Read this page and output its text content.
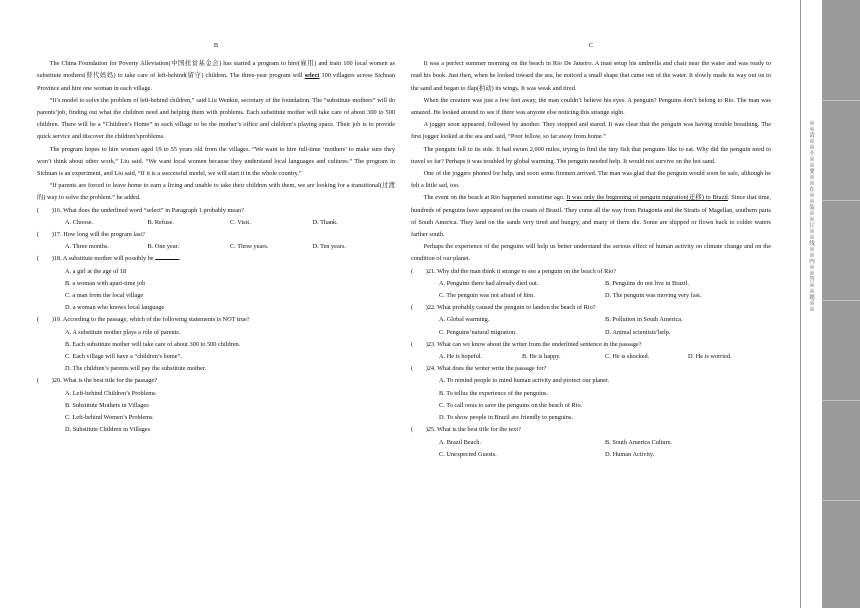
B

The China Foundation for Poverty Alleviation(中国扶贫基金会) has started a program to hire(雇用) and train 100 local women as substitute mothers(替代妈妈) to take care of left-behind(留守) children. The three-year program will select 100 villagers across Sichuan Province and hire one woman in each village.

“It’s model to solve the problem of left-behind children,” said Liu Wenkui, secretary of the foundation. The “substitute mothers” will do parents’job, finding out what the children need and helping them with problems. Each substitute mother will take care of about 300 to 500 children. There will be a “Children’s Home” in each village to be the mother’s office and children’s playing space. Their job is to provide quick service and discover the children’sproblems.

The program hopes to hire women aged 19 to 55 years old from the villages. “We want to hire full-time ‘mothers’ to make sure they won’t think about other work,” Liu said. “We want local women because they understand local languages and cultures.” The program in Sichuan is an experiment, and Liu said, “If it is a successful model, we will start it in the whole country.”

“If parents are forced to leave home to earn a living and unable to take their children with them, we are looking for a transitional(过渡的) way to solve the problem.” he added.

(　　)16. What does the underlined word “select” in Paragraph 1 probably mean?

A. Choose.	B. Refuse.	C. Visit.	D. Thank.

(　　)17. How long will the program last?

A. Three months.	B. One year.	C. Three years.	D. Ten years.

(　　)18. A substitute mother will possibly be	.

A. a girl at the age of 18

B. a woman with apart-time job

C. a man from the local village

D. a woman who knows local language

(　　)19. According to the passage, which of the following statements is NOT true?

A. A substitute mother plays a role of parents.

B. Each substitute mother will take care of about 300 to 500 children.

C. Each village will have a “children’s home”.

D. The children’s parents will pay the substitute mother.

(　　)20. What is the best title for the passage?

A. Left-behind Children’s Problems

B. Substitute Mothers in Villages

C. Left-behind Women’s Problems

D. Substitute Children in Villages

C

It was a perfect summer morning on the beach in Rio De Janeiro. A man setup his umbrella and chair near the water and was ready to read his book. Just then, when he looked toward the sea, he noticed a small shape that came out of the water. It slowly made its way out on to the sand and began to flap(拍动) its wings. It was weak and tired.

When the creature was just a few feet away, the man couldn’t believe his eyes. A penguin? Penguins don’t belong to Rio. The man was amazed. He looked around to see if there was anyone else noticing this strange sight.

A jogger soon appeared, followed by another. They stopped and stared. It was clear that the penguin was having trouble breathing. The first jogger looked at the sea and said, “Poor fellow, so far away from home.”

The penguin fell to its side. It had swum 2,000 miles, trying to find the tiny fish that penguins like to eat. Why did the penguin need to travel so far? Perhaps it was troubled by global warming. The penguin needed help. It would not survive on the hot sand.

One of the joggers phoned for help, and soon some firemen arrived. The man was glad that the penguin would soon be safe, although he felt a little sad, too.

The event on the beach at Rio happened sometime ago. It was only the beginning of penguin migration(迁移) to Brazil. Since that time, hundreds of penguins have appeared on the coasts of Brazil. They come all the way from Patagonia and the Straits of Magellan, southern parts of South America. They land on the sands very tired and hungry, and many of them die. Some are shipped or flown back to colder waters farther south.

Perhaps the experience of the penguins will help us better understand the serious effect of human activity on climate change and on the condition of our planet.

(　　)21. Why did the man think it strange to see a penguin on the beach of Rio?

A. Penguins there had already died out.	B. Penguins do not live in Brazil.
C. The penguin was not afraid of him.	D. The penguin was moving very fast.

(　　)22. What probably caused the penguin to landon the beach of Rio?

A. Global warming.	B. Pollution in South America.
C. Penguins’natural migration.	D. Animal scientists’help.

(　　)23. What can we know about the writer from the underlined sentence in the passage?

A. He is hopeful.	B. He is happy.	C. He is shocked.	D. He is worried.

(　　)24. What does the writer write the passage for?

A. To remind people to mind human activity and protect our planet.

B. To tellus the experience of the penguins.

C. To call onus to save the penguins on the beach of Rio.

D. To show people in Brazil are friendly to penguins.

(　　)25. What is the best title for the text?

A. Brazil Beach.	B. South America Culture.
C. Unexpected Guests.	D. Human Activity.
※※请※※不※※要※※在※※装※※订※※线※※内※※答※※题※※
